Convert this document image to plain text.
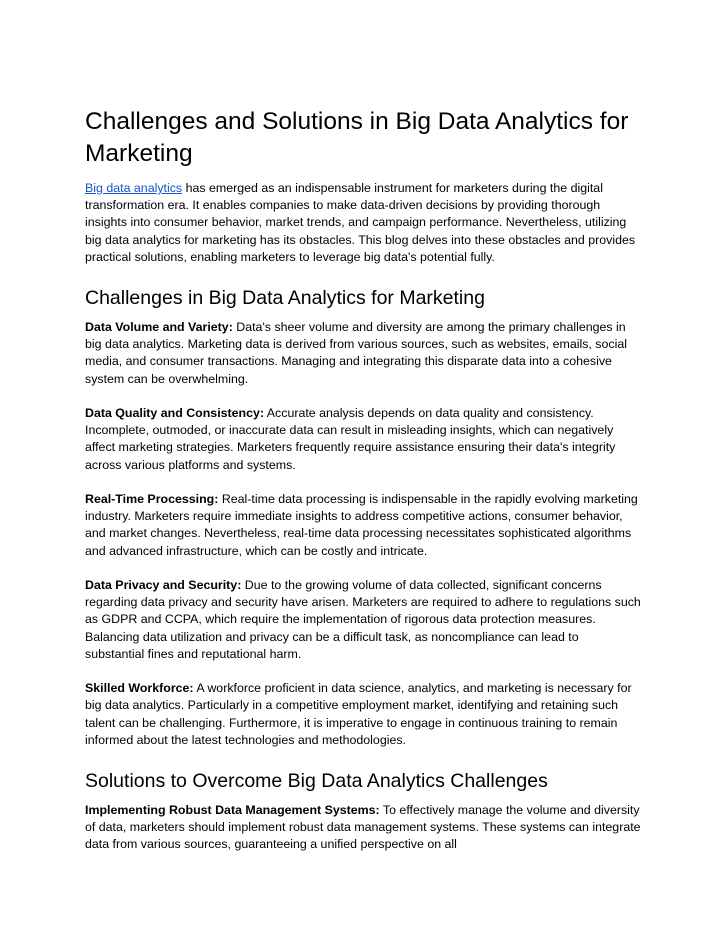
Challenges and Solutions in Big Data Analytics for Marketing

Big data analytics has emerged as an indispensable instrument for marketers during the digital transformation era. It enables companies to make data-driven decisions by providing thorough insights into consumer behavior, market trends, and campaign performance. Nevertheless, utilizing big data analytics for marketing has its obstacles. This blog delves into these obstacles and provides practical solutions, enabling marketers to leverage big data's potential fully.

Challenges in Big Data Analytics for Marketing

Data Volume and Variety: Data's sheer volume and diversity are among the primary challenges in big data analytics. Marketing data is derived from various sources, such as websites, emails, social media, and consumer transactions. Managing and integrating this disparate data into a cohesive system can be overwhelming.

Data Quality and Consistency: Accurate analysis depends on data quality and consistency. Incomplete, outmoded, or inaccurate data can result in misleading insights, which can negatively affect marketing strategies. Marketers frequently require assistance ensuring their data's integrity across various platforms and systems.

Real-Time Processing: Real-time data processing is indispensable in the rapidly evolving marketing industry. Marketers require immediate insights to address competitive actions, consumer behavior, and market changes. Nevertheless, real-time data processing necessitates sophisticated algorithms and advanced infrastructure, which can be costly and intricate.

Data Privacy and Security: Due to the growing volume of data collected, significant concerns regarding data privacy and security have arisen. Marketers are required to adhere to regulations such as GDPR and CCPA, which require the implementation of rigorous data protection measures. Balancing data utilization and privacy can be a difficult task, as noncompliance can lead to substantial fines and reputational harm.

Skilled Workforce: A workforce proficient in data science, analytics, and marketing is necessary for big data analytics. Particularly in a competitive employment market, identifying and retaining such talent can be challenging. Furthermore, it is imperative to engage in continuous training to remain informed about the latest technologies and methodologies.

Solutions to Overcome Big Data Analytics Challenges

Implementing Robust Data Management Systems: To effectively manage the volume and diversity of data, marketers should implement robust data management systems. These systems can integrate data from various sources, guaranteeing a unified perspective on all
